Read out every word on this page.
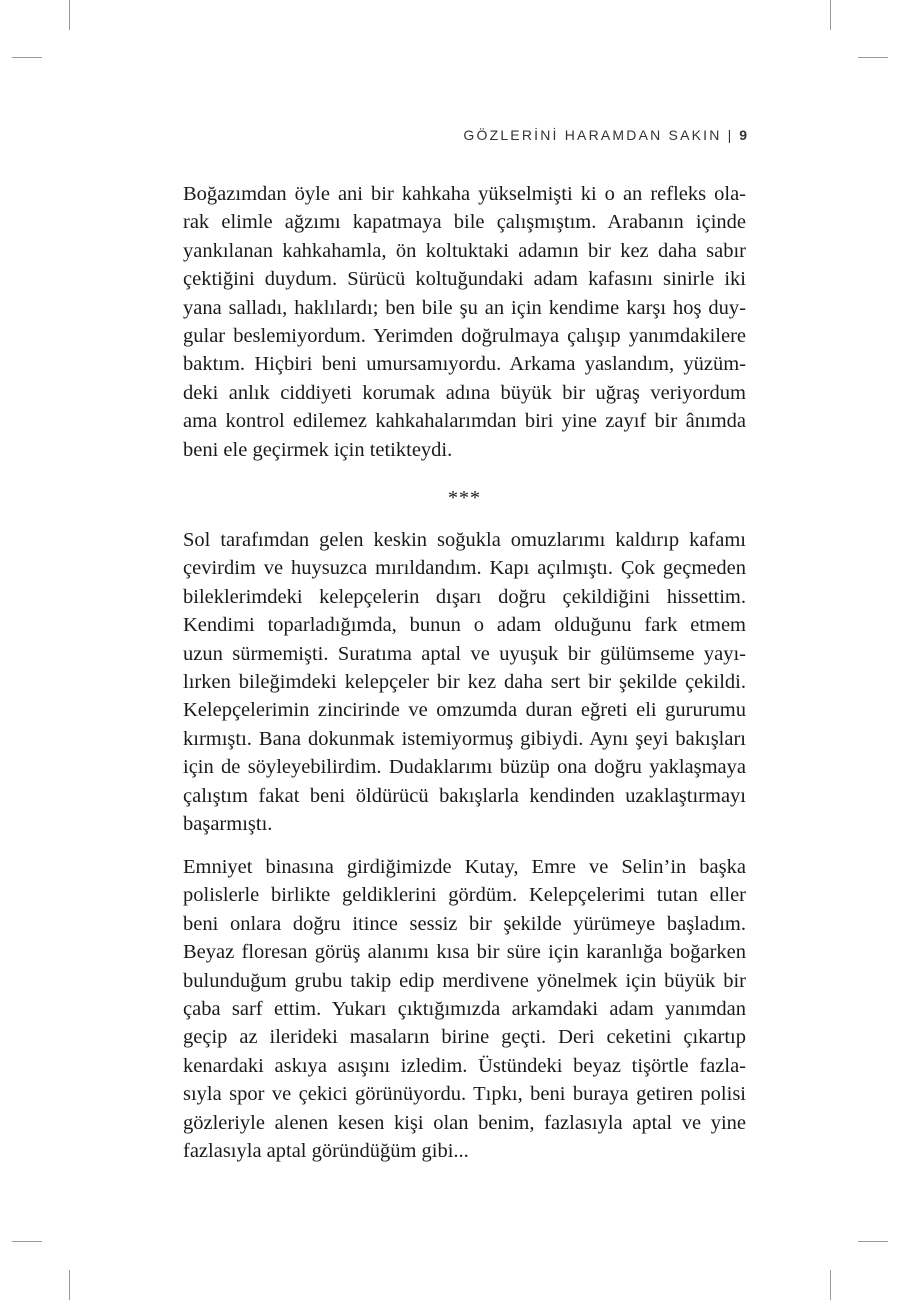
GÖZLERİNİ HARAMDAN SAKIN | 9
Boğazımdan öyle ani bir kahkaha yükselmişti ki o an refleks ola-
rak elimle ağzımı kapatmaya bile çalışmıştım. Arabanın içinde
yankılanan kahkahamla, ön koltuktaki adamın bir kez daha sabır
çektiğini duydum. Sürücü koltuğundaki adam kafasını sinirle iki
yana salladı, haklılardı; ben bile şu an için kendime karşı hoş duy-
gular beslemiyordum. Yerimden doğrulmaya çalışıp yanımdakilere
baktım. Hiçbiri beni umursamıyordu. Arkama yaslandım, yüzüm-
deki anlık ciddiyeti korumak adına büyük bir uğraş veriyordum
ama kontrol edilemez kahkahalarımdan biri yine zayıf bir ânımda
beni ele geçirmek için tetikteydi.
***
Sol tarafımdan gelen keskin soğukla omuzlarımı kaldırıp kafamı
çevirdim ve huysuzca mırıldandım. Kapı açılmıştı. Çok geçmeden
bileklerimdeki kelepçelerin dışarı doğru çekildiğini hissettim.
Kendimi toparladığımda, bunun o adam olduğunu fark etmem
uzun sürmemişti. Suratıma aptal ve uyuşuk bir gülümseme yayı-
lırken bileğimdeki kelepçeler bir kez daha sert bir şekilde çekildi.
Kelepçelerimin zincirinde ve omzumda duran eğreti eli gururumu
kırmıştı. Bana dokunmak istemiyormuş gibiydi. Aynı şeyi bakışları
için de söyleyebilirdim. Dudaklarımı büzüp ona doğru yaklaşmaya
çalıştım fakat beni öldürücü bakışlarla kendinden uzaklaştırmayı
başarmıştı.
Emniyet binasına girdiğimizde Kutay, Emre ve Selin’in başka
polislerle birlikte geldiklerini gördüm. Kelepçelerimi tutan eller
beni onlara doğru itince sessiz bir şekilde yürümeye başladım.
Beyaz floresan görüş alanımı kısa bir süre için karanlığa boğarken
bulunduğum grubu takip edip merdivene yönelmek için büyük bir
çaba sarf ettim. Yukarı çıktığımızda arkamdaki adam yanımdan
geçip az ilerideki masaların birine geçti. Deri ceketini çıkartıp
kenardaki askıya asışını izledim. Üstündeki beyaz tişörtle fazla-
sıyla spor ve çekici görünüyordu. Tıpkı, beni buraya getiren polisi
gözleriyle alenen kesen kişi olan benim, fazlasıyla aptal ve yine
fazlasıyla aptal göründüğüm gibi...
